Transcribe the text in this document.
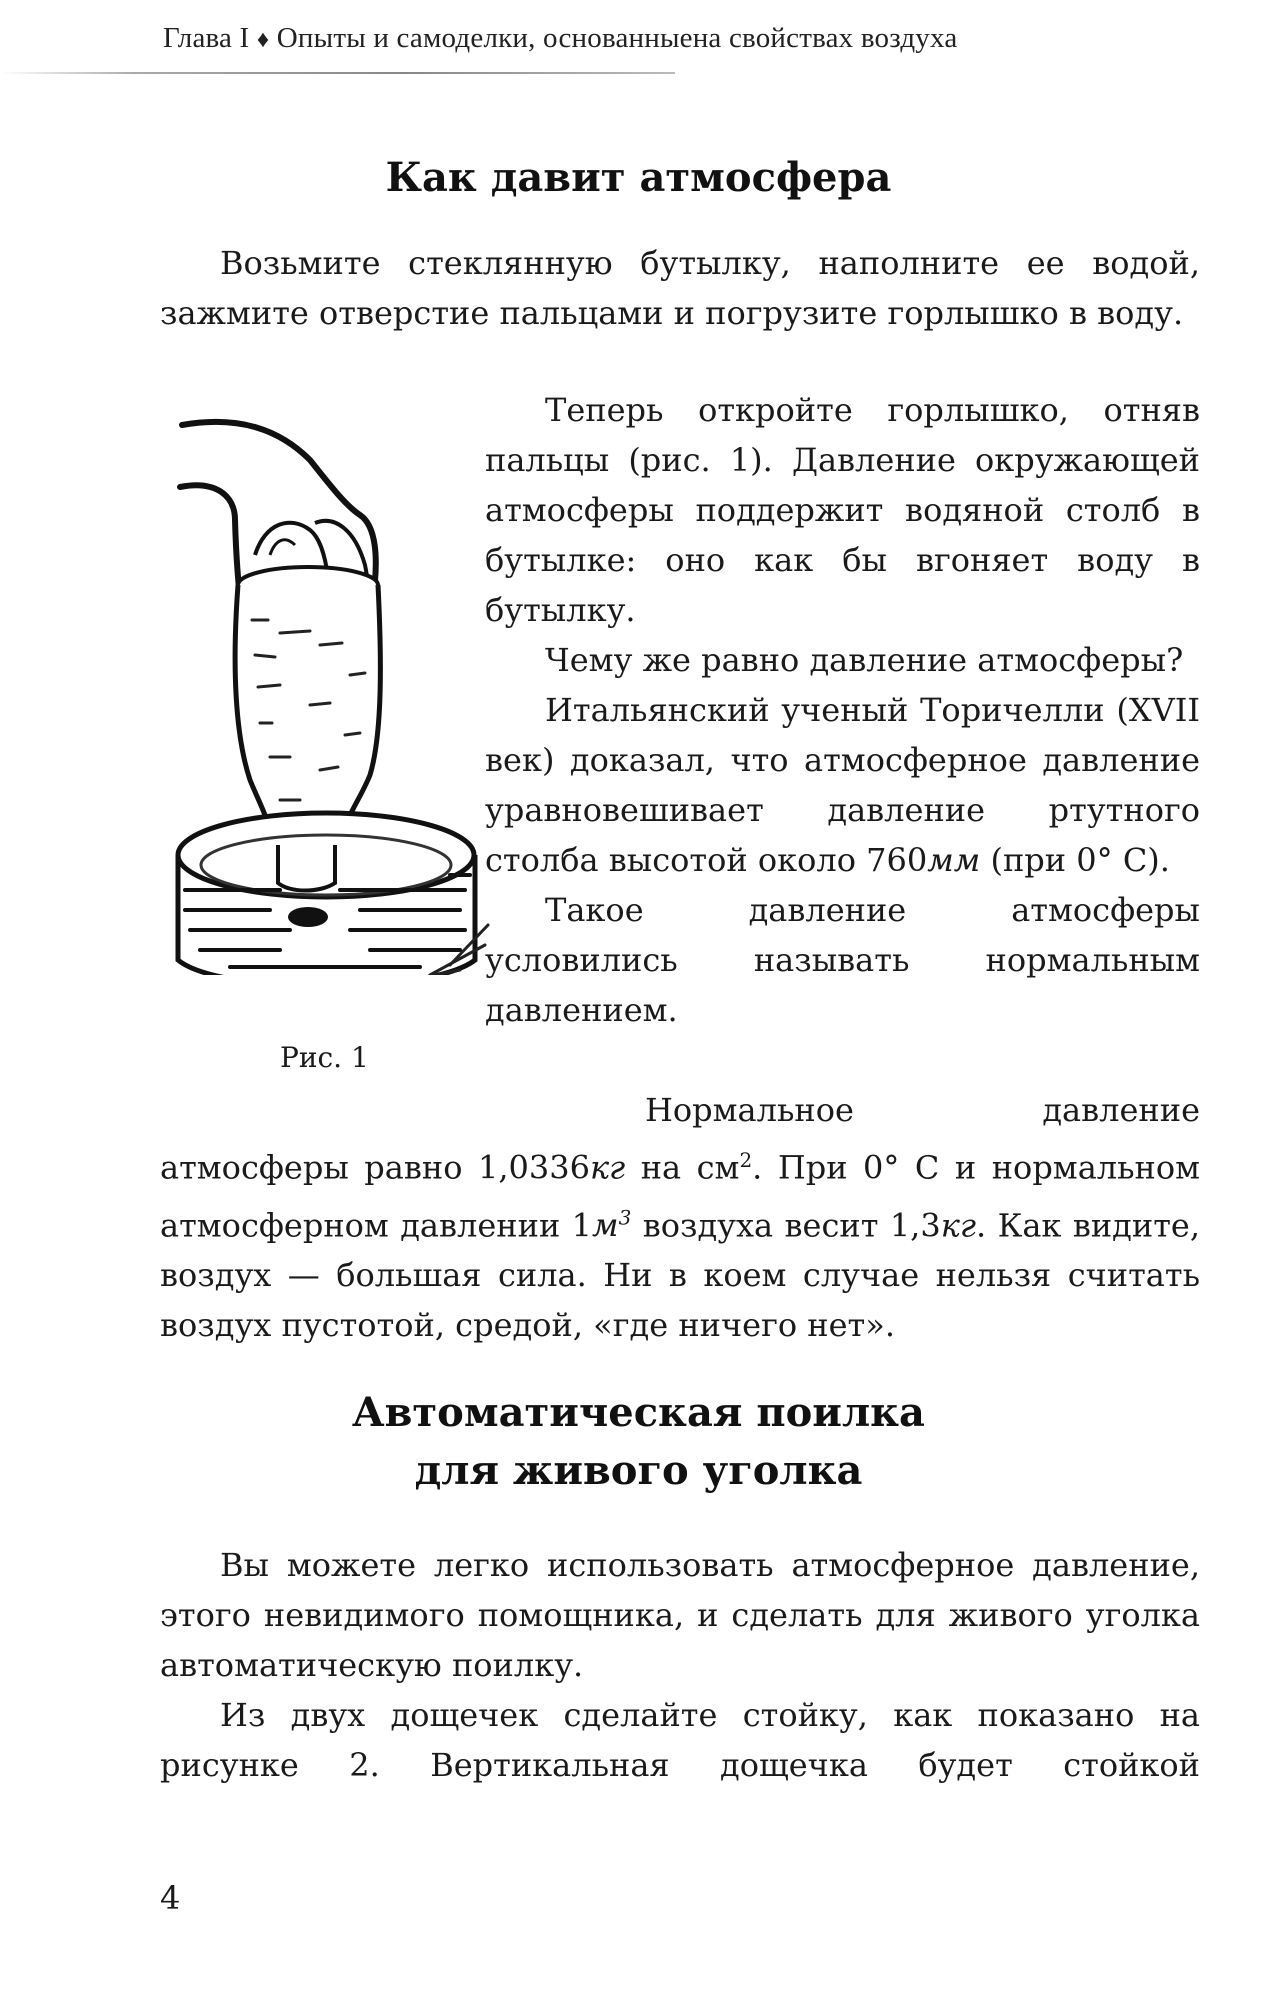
Глава I ♦ Опыты и самоделки, основанныена свойствах воздуха
Как давит атмосфера

Возьмите стеклянную бутылку, наполните ее водой, зажмите отверстие пальцами и погрузите горлышко в воду.

Теперь откройте горлышко, отняв пальцы (рис. 1). Давление окружающей атмосферы поддержит водяной столб в бутылке: оно как бы вгоняет воду в бутылку.

Чему же равно давление атмосферы?

Итальянский ученый Торичелли (XVII век) доказал, что атмосферное давление уравновешивает давление ртутного столба высотой около 760мм (при 0° С).

Такое давление атмосферы условились называть нормальным давлением.

Рис. 1

Нормальное давление атмосферы равно 1,0336кг на $см^2$. При 0° С и нормальном атмосферном давлении $1м^3$ воздуха весит 1,3кг. Как видите, воздух — большая сила. Ни в коем случае нельзя считать воздух пустотой, средой, «где ничего нет».

Автоматическая поилка
для живого уголка

Вы можете легко использовать атмосферное давление, этого невидимого помощника, и сделать для живого уголка автоматическую поилку.

Из двух дощечек сделайте стойку, как показано на рисунке 2. Вертикальная дощечка будет стойкой

4
